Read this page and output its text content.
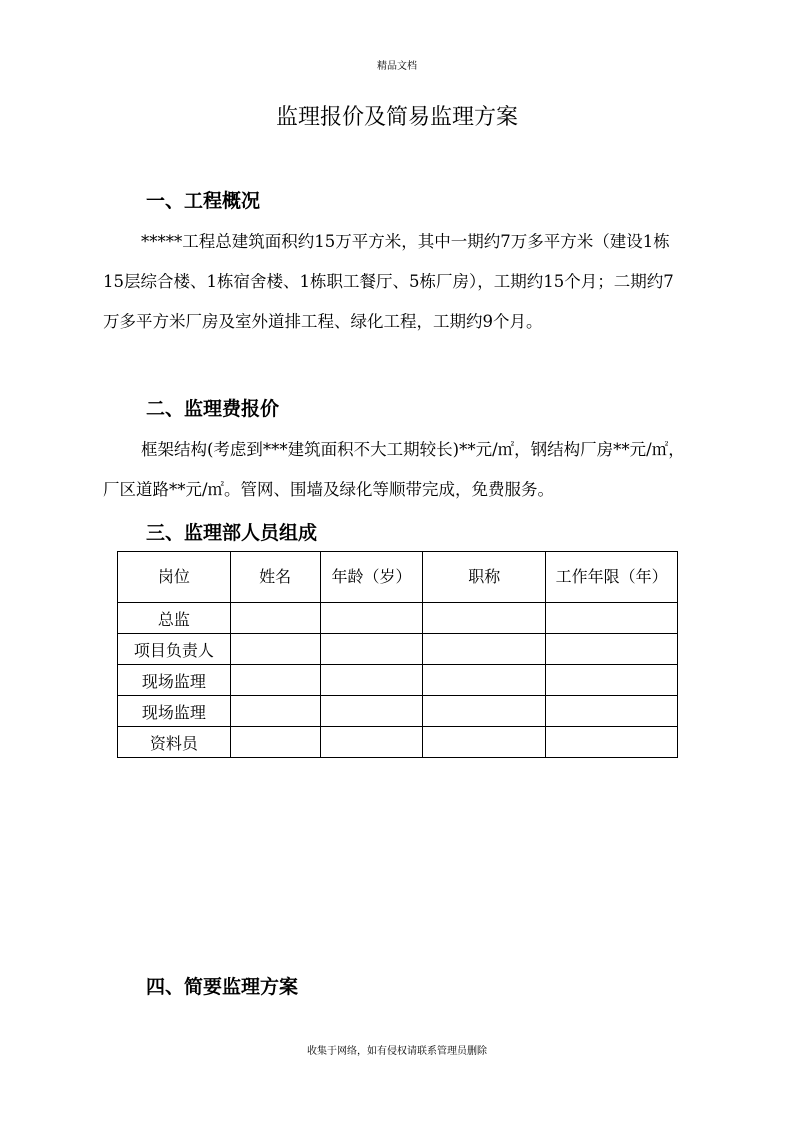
精品文档
监理报价及简易监理方案
一、工程概况
*****工程总建筑面积约15万平方米，其中一期约7万多平方米（建设1栋15层综合楼、1栋宿舍楼、1栋职工餐厅、5栋厂房），工期约15个月；二期约7万多平方米厂房及室外道排工程、绿化工程，工期约9个月。
二、监理费报价
框架结构(考虑到***建筑面积不大工期较长)**元/㎡，钢结构厂房**元/㎡，厂区道路**元/㎡。管网、围墙及绿化等顺带完成，免费服务。
三、监理部人员组成
岗位	姓名	年龄（岁）	职称	工作年限（年）
总监				
项目负责人				
现场监理				
现场监理				
资料员				
四、简要监理方案
收集于网络，如有侵权请联系管理员删除
